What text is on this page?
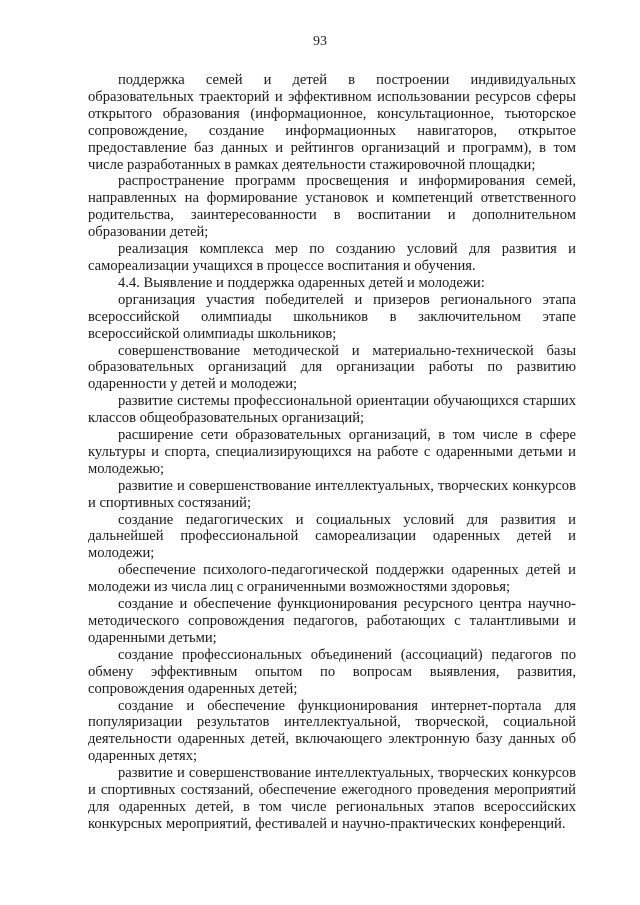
93

поддержка семей и детей в построении индивидуальных образовательных траекторий и эффективном использовании ресурсов сферы открытого образования (информационное, консультационное, тьюторское сопровождение, создание информационных навигаторов, открытое предоставление баз данных и рейтингов организаций и программ), в том числе разработанных в рамках деятельности стажировочной площадки;

распространение программ просвещения и информирования семей, направленных на формирование установок и компетенций ответственного родительства, заинтересованности в воспитании и дополнительном образовании детей;

реализация комплекса мер по созданию условий для развития и самореализации учащихся в процессе воспитания и обучения.

4.4. Выявление и поддержка одаренных детей и молодежи:

организация участия победителей и призеров регионального этапа всероссийской олимпиады школьников в заключительном этапе всероссийской олимпиады школьников;

совершенствование методической и материально-технической базы образовательных организаций для организации работы по развитию одаренности у детей и молодежи;

развитие системы профессиональной ориентации обучающихся старших классов общеобразовательных организаций;

расширение сети образовательных организаций, в том числе в сфере культуры и спорта, специализирующихся на работе с одаренными детьми и молодежью;

развитие и совершенствование интеллектуальных, творческих конкурсов и спортивных состязаний;

создание педагогических и социальных условий для развития и дальнейшей профессиональной самореализации одаренных детей и молодежи;

обеспечение психолого-педагогической поддержки одаренных детей и молодежи из числа лиц с ограниченными возможностями здоровья;

создание и обеспечение функционирования ресурсного центра научно-методического сопровождения педагогов, работающих с талантливыми и одаренными детьми;

создание профессиональных объединений (ассоциаций) педагогов по обмену эффективным опытом по вопросам выявления, развития, сопровождения одаренных детей;

создание и обеспечение функционирования интернет-портала для популяризации результатов интеллектуальной, творческой, социальной деятельности одаренных детей, включающего электронную базу данных об одаренных детях;

развитие и совершенствование интеллектуальных, творческих конкурсов и спортивных состязаний, обеспечение ежегодного проведения мероприятий для одаренных детей, в том числе региональных этапов всероссийских конкурсных мероприятий, фестивалей и научно-практических конференций.
